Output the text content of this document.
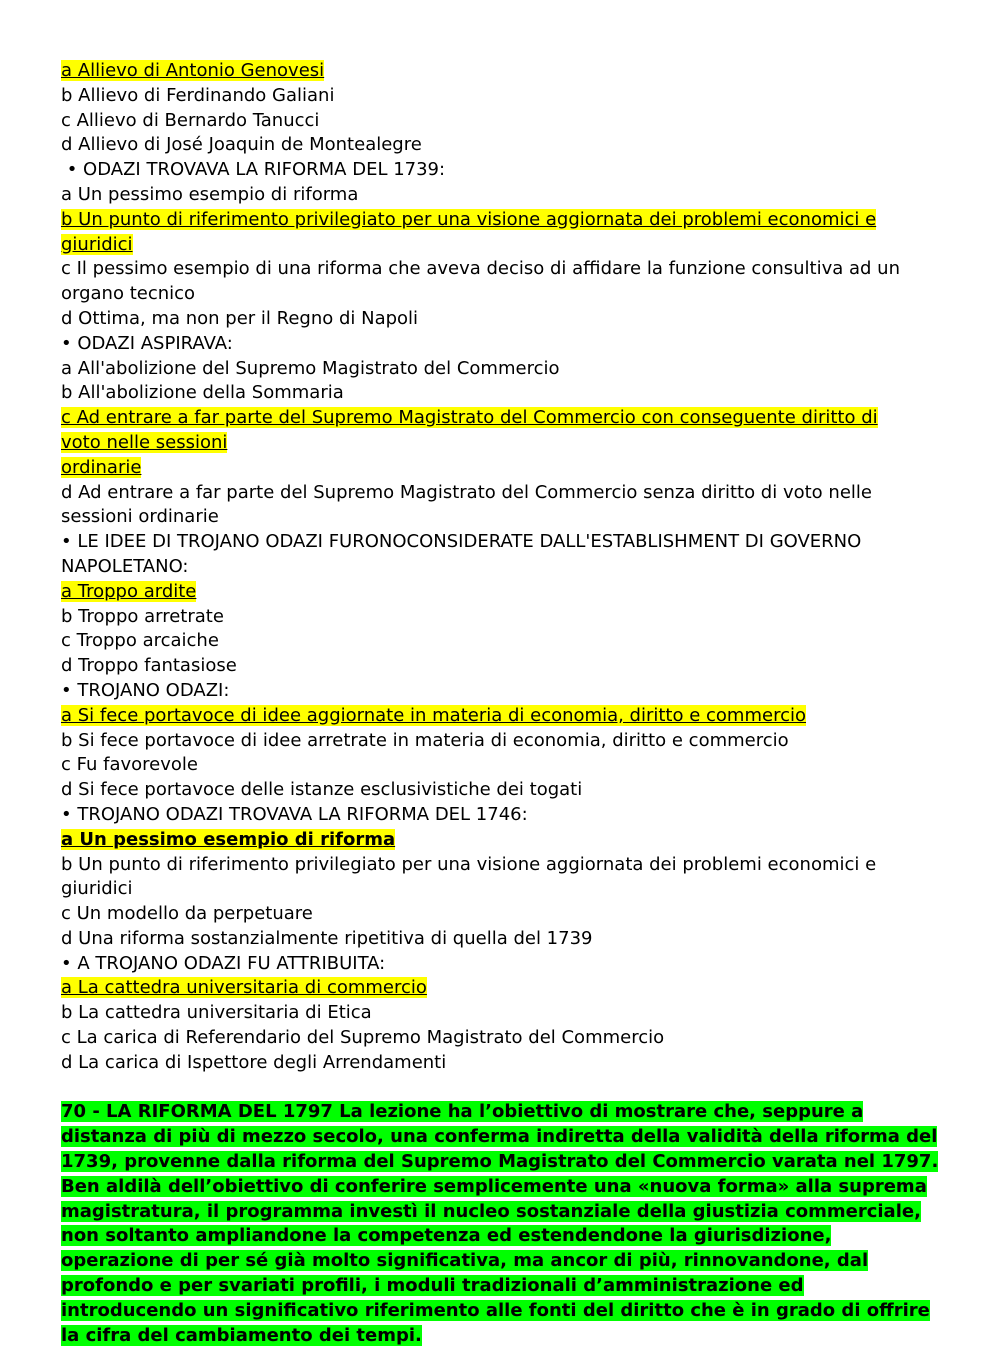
a Allievo di Antonio Genovesi
b Allievo di Ferdinando Galiani
c Allievo di Bernardo Tanucci
d Allievo di José Joaquin de Montealegre
• ODAZI TROVAVA LA RIFORMA DEL 1739:
a Un pessimo esempio di riforma
b Un punto di riferimento privilegiato per una visione aggiornata dei problemi economici e
giuridici
c Il pessimo esempio di una riforma che aveva deciso di affidare la funzione consultiva ad un
organo tecnico
d Ottima, ma non per il Regno di Napoli
• ODAZI ASPIRAVA:
a All'abolizione del Supremo Magistrato del Commercio
b All'abolizione della Sommaria
c Ad entrare a far parte del Supremo Magistrato del Commercio con conseguente diritto di
voto nelle sessioni
ordinarie
d Ad entrare a far parte del Supremo Magistrato del Commercio senza diritto di voto nelle
sessioni ordinarie
• LE IDEE DI TROJANO ODAZI FURONOCONSIDERATE DALL'ESTABLISHMENT DI GOVERNO
NAPOLETANO:
a Troppo ardite
b Troppo arretrate
c Troppo arcaiche
d Troppo fantasiose
• TROJANO ODAZI:
a Si fece portavoce di idee aggiornate in materia di economia, diritto e commercio
b Si fece portavoce di idee arretrate in materia di economia, diritto e commercio
c Fu favorevole
d Si fece portavoce delle istanze esclusivistiche dei togati
• TROJANO ODAZI TROVAVA LA RIFORMA DEL 1746:
a Un pessimo esempio di riforma
b Un punto di riferimento privilegiato per una visione aggiornata dei problemi economici e
giuridici
c Un modello da perpetuare
d Una riforma sostanzialmente ripetitiva di quella del 1739
• A TROJANO ODAZI FU ATTRIBUITA:
a La cattedra universitaria di commercio
b La cattedra universitaria di Etica
c La carica di Referendario del Supremo Magistrato del Commercio
d La carica di Ispettore degli Arrendamenti
70 - LA RIFORMA DEL 1797 La lezione ha l’obiettivo di mostrare che, seppure a distanza di più di mezzo secolo, una conferma indiretta della validità della riforma del 1739, provenne dalla riforma del Supremo Magistrato del Commercio varata nel 1797. Ben aldilà dell’obiettivo di conferire semplicemente una «nuova forma» alla suprema magistratura, il programma investì il nucleo sostanziale della giustizia commerciale, non soltanto ampliandone la competenza ed estendendone la giurisdizione, operazione di per sé già molto significativa, ma ancor di più, rinnovandone, dal profondo e per svariati profili, i moduli tradizionali d’amministrazione ed introducendo un significativo riferimento alle fonti del diritto che è in grado di offrire la cifra del cambiamento dei tempi.
